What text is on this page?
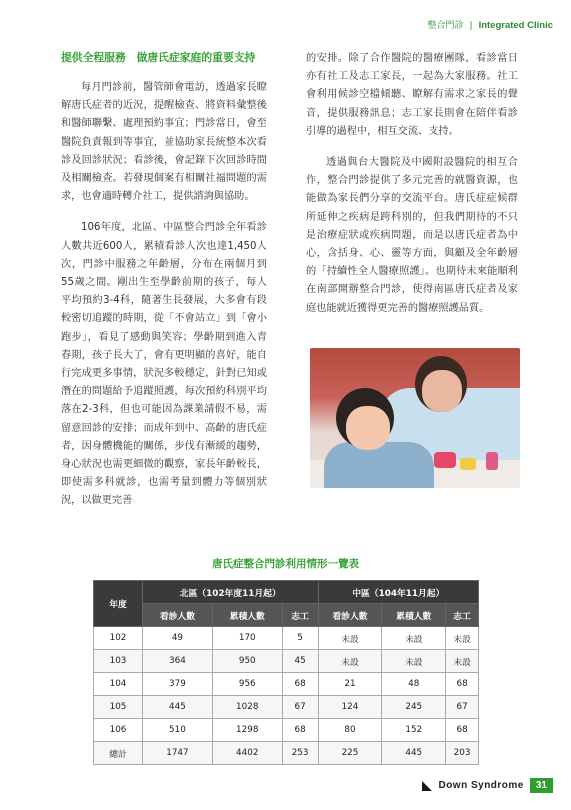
整合門診 | Integrated Clinic
提供全程服務　做唐氏症家庭的重要支持

每月門診前，醫管師會電訪，透過家長瞭解唐氏症者的近況，提醒檢查、將資料彙整後和醫師聯繫、處理預約事宜；門診當日，會至醫院負責報到等事宜，並協助家長統整本次看診及回診狀況；看診後，會記錄下次回診時間及相關檢查。若發現個案有相關社福問題的需求，也會適時轉介社工，提供諮詢與協助。

106年度，北區、中區整合門診全年看診人數共近600人，累積看診人次也達1,450人次，門診中服務之年齡層，分布在兩個月到55歲之間。剛出生至學齡前期的孩子，每人平均預約3-4科，隨著生長發展，大多會有段較密切追蹤的時期，從「不會站立」到「會小跑步」，看見了感動與笑容；學齡期到進入青春期，孩子長大了，會有更明顯的喜好，能自行完成更多事情，狀況多較穩定，針對已知或潛在的問題給予追蹤照護，每次預約科別平均落在2-3科，但也可能因為課業請假不易，需留意回診的安排；而成年到中、高齡的唐氏症者，因身體機能的關係，步伐有漸緩的趨勢，身心狀況也需更細微的觀察，家長年齡較長，即使需多科就診，也需考量到體力等個別狀況，以做更完善

的安排。除了合作醫院的醫療團隊，看診當日亦有社工及志工家長，一起為大家服務。社工會利用候診空檔傾聽、瞭解有需求之家長的聲音，提供服務訊息；志工家長則會在陪伴看診引導的過程中，相互交流、支持。

透過與台大醫院及中國附設醫院的相互合作，整合門診提供了多元完善的就醫資源，也能做為家長們分享的交流平台。唐氏症症候群所延伸之疾病是跨科別的，但我們期待的不只是治療症狀或疾病問題，而是以唐氏症者為中心，含括身、心、靈等方面，與顧及全年齡層的「持續性全人醫療照護」。也期待未來能順利在南部開辦整合門診，使得南區唐氏症者及家庭也能就近獲得更完善的醫療照護品質。

唐氏症整合門診利用情形一覽表
年度	北區（102年度11月起）			中區（104年11月起）		
	看診人數	累積人數	志工	看診人數	累積人數	志工
102	49	170	5	未設	未設	未設
103	364	950	45	未設	未設	未設
104	379	956	68	21	48	68
105	445	1028	67	124	245	67
106	510	1298	68	80	152	68
總計	1747	4402	253	225	445	203
Down Syndrome	31
